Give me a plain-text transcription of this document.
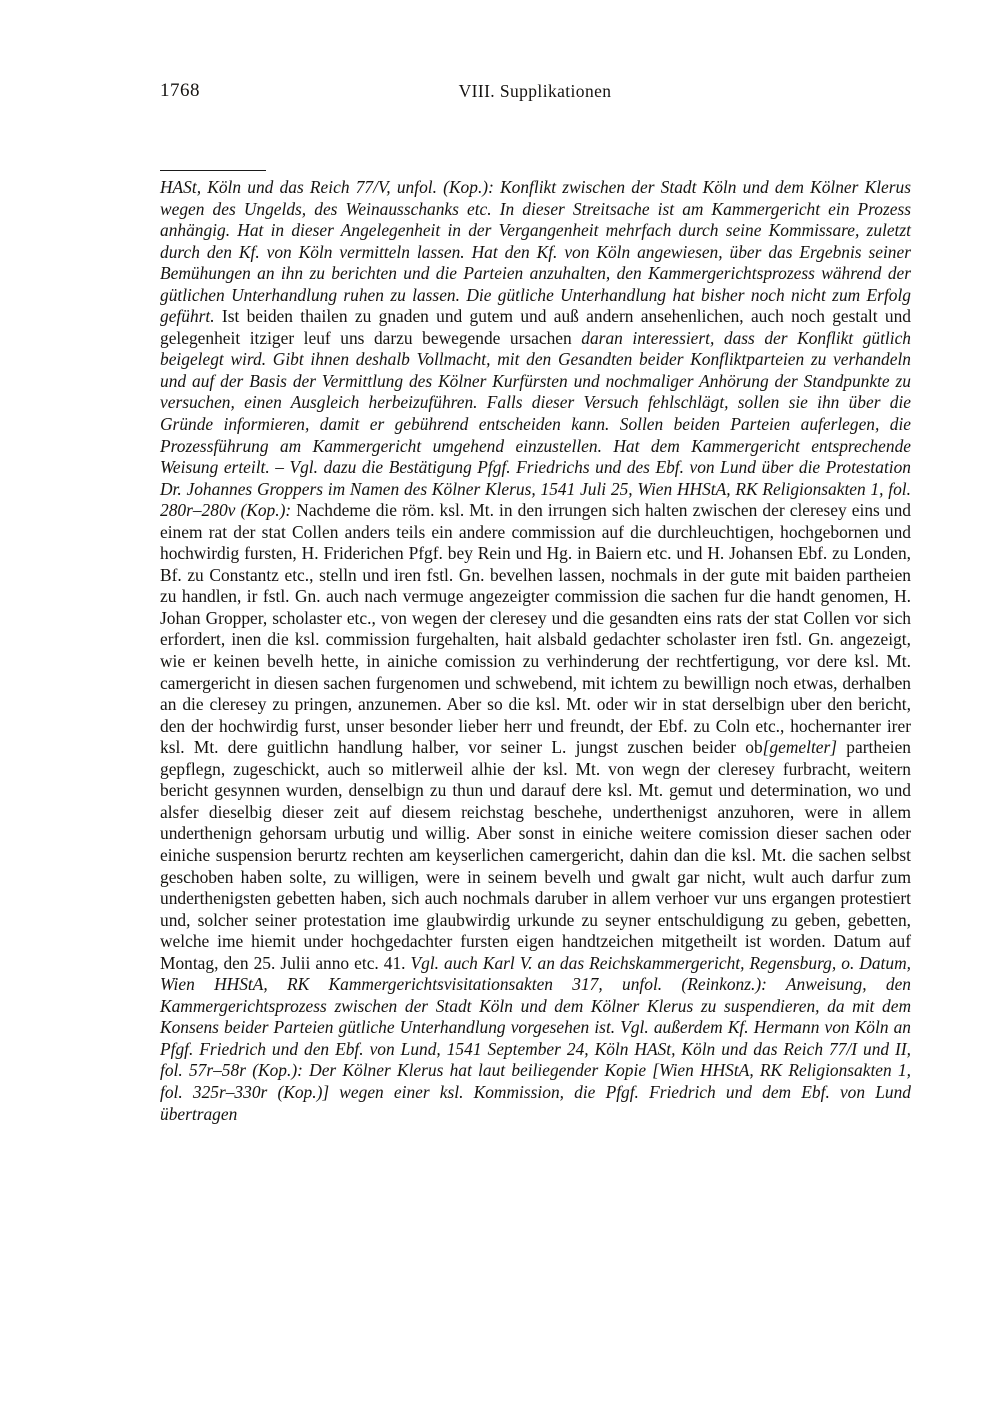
1768	VIII. Supplikationen
HASt, Köln und das Reich 77/V, unfol. (Kop.): Konflikt zwischen der Stadt Köln und dem Kölner Klerus wegen des Ungelds, des Weinausschanks etc. In dieser Streitsache ist am Kammergericht ein Prozess anhängig. Hat in dieser Angelegenheit in der Vergangenheit mehrfach durch seine Kommissare, zuletzt durch den Kf. von Köln vermitteln lassen. Hat den Kf. von Köln angewiesen, über das Ergebnis seiner Bemühungen an ihn zu berichten und die Parteien anzuhalten, den Kammergerichtsprozess während der gütlichen Unterhandlung ruhen zu lassen. Die gütliche Unterhandlung hat bisher noch nicht zum Erfolg geführt. Ist beiden thailen zu gnaden und gutem und auß andern ansehenlichen, auch noch gestalt und gelegenheit itziger leuf uns darzu bewegende ursachen daran interessiert, dass der Konflikt gütlich beigelegt wird. Gibt ihnen deshalb Vollmacht, mit den Gesandten beider Konfliktparteien zu verhandeln und auf der Basis der Vermittlung des Kölner Kurfürsten und nochmaliger Anhörung der Standpunkte zu versuchen, einen Ausgleich herbeizuführen. Falls dieser Versuch fehlschlägt, sollen sie ihn über die Gründe informieren, damit er gebührend entscheiden kann. Sollen beiden Parteien auferlegen, die Prozessführung am Kammergericht umgehend einzustellen. Hat dem Kammergericht entsprechende Weisung erteilt. – Vgl. dazu die Bestätigung Pfgf. Friedrichs und des Ebf. von Lund über die Protestation Dr. Johannes Groppers im Namen des Kölner Klerus, 1541 Juli 25, Wien HHStA, RK Religionsakten 1, fol. 280r–280v (Kop.): Nachdeme die röm. ksl. Mt. in den irrungen sich halten zwischen der cleresey eins und einem rat der stat Collen anders teils ein andere commission auf die durchleuchtigen, hochgebornen und hochwirdig fursten, H. Friderichen Pfgf. bey Rein und Hg. in Baiern etc. und H. Johansen Ebf. zu Londen, Bf. zu Constantz etc., stelln und iren fstl. Gn. bevelhen lassen, nochmals in der gute mit baiden partheien zu handlen, ir fstl. Gn. auch nach vermuge angezeigter commission die sachen fur die handt genomen, H. Johan Gropper, scholaster etc., von wegen der cleresey und die gesandten eins rats der stat Collen vor sich erfordert, inen die ksl. commission furgehalten, hait alsbald gedachter scholaster iren fstl. Gn. angezeigt, wie er keinen bevelh hette, in ainiche comission zu verhinderung der rechtfertigung, vor dere ksl. Mt. camergericht in diesen sachen furgenomen und schwebend, mit ichtem zu bewillign noch etwas, derhalben an die cleresey zu pringen, anzunemen. Aber so die ksl. Mt. oder wir in stat derselbign uber den bericht, den der hochwirdig furst, unser besonder lieber herr und freundt, der Ebf. zu Coln etc., hochernanter irer ksl. Mt. dere guitlichn handlung halber, vor seiner L. jungst zuschen beider ob[gemelter] partheien gepflegn, zugeschickt, auch so mitlerweil alhie der ksl. Mt. von wegn der cleresey furbracht, weitern bericht gesynnen wurden, denselbign zu thun und darauf dere ksl. Mt. gemut und determination, wo und alsfer dieselbig dieser zeit auf diesem reichstag beschehe, underthenigst anzuhoren, were in allem underthenign gehorsam urbutig und willig. Aber sonst in einiche weitere comission dieser sachen oder einiche suspension berurtz rechten am keyserlichen camergericht, dahin dan die ksl. Mt. die sachen selbst geschoben haben solte, zu willigen, were in seinem bevelh und gwalt gar nicht, wult auch darfur zum underthenigsten gebetten haben, sich auch nochmals daruber in allem verhoer vur uns ergangen protestiert und, solcher seiner protestation ime glaubwirdig urkunde zu seyner entschuldigung zu geben, gebetten, welche ime hiemit under hochgedachter fursten eigen handtzeichen mitgetheilt ist worden. Datum auf Montag, den 25. Julii anno etc. 41. Vgl. auch Karl V. an das Reichskammergericht, Regensburg, o. Datum, Wien HHStA, RK Kammergerichtsvisitationsakten 317, unfol. (Reinkonz.): Anweisung, den Kammergerichtsprozess zwischen der Stadt Köln und dem Kölner Klerus zu suspendieren, da mit dem Konsens beider Parteien gütliche Unterhandlung vorgesehen ist. Vgl. außerdem Kf. Hermann von Köln an Pfgf. Friedrich und den Ebf. von Lund, 1541 September 24, Köln HASt, Köln und das Reich 77/I und II, fol. 57r–58r (Kop.): Der Kölner Klerus hat laut beiliegender Kopie [Wien HHStA, RK Religionsakten 1, fol. 325r–330r (Kop.)] wegen einer ksl. Kommission, die Pfgf. Friedrich und dem Ebf. von Lund übertragen
